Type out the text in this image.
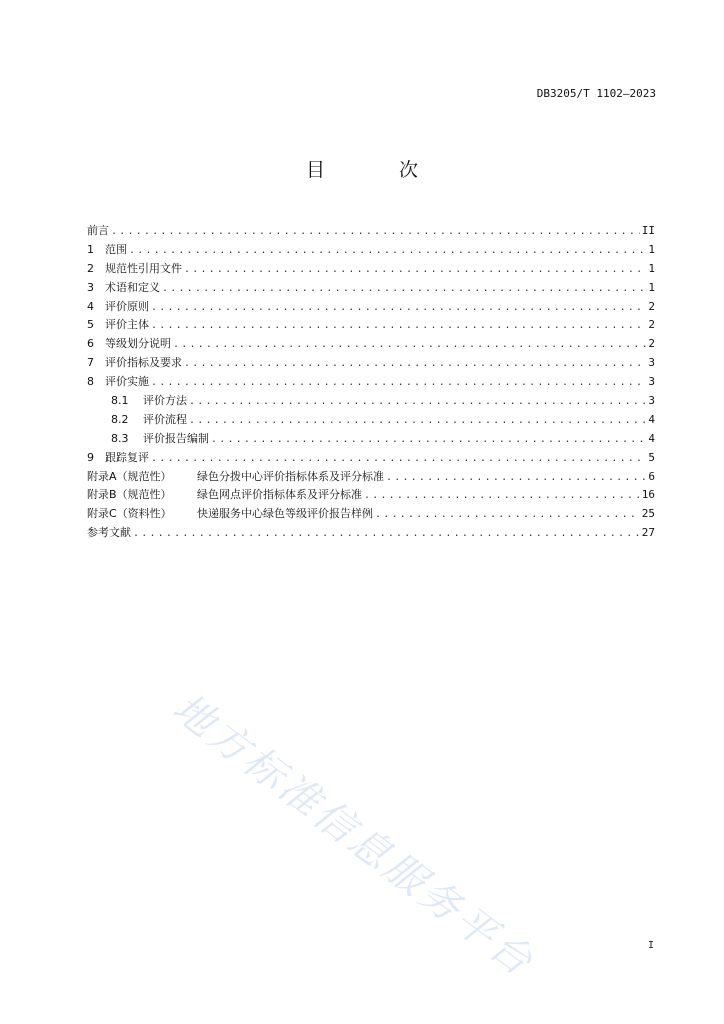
DB3205/T 1102—2023
目 次
前言 .....	II
1	范围 .....	1
2	规范性引用文件 .....	1
3	术语和定义 .....	1
4	评价原则 .....	2
5	评价主体 .....	2
6	等级划分说明 .....	2
7	评价指标及要求 .....	3
8	评价实施 .....	3
8.1	评价方法 .....	3
8.2	评价流程 .....	4
8.3	评价报告编制 .....	4
9	跟踪复评 .....	5
附录A（规范性）	绿色分拨中心评价指标体系及评分标准 .....	6
附录B（规范性）	绿色网点评价指标体系及评分标准 .....	16
附录C（资料性）	快递服务中心绿色等级评价报告样例 .....	25
参考文献 .....	27
地方标准信息服务平台	I
